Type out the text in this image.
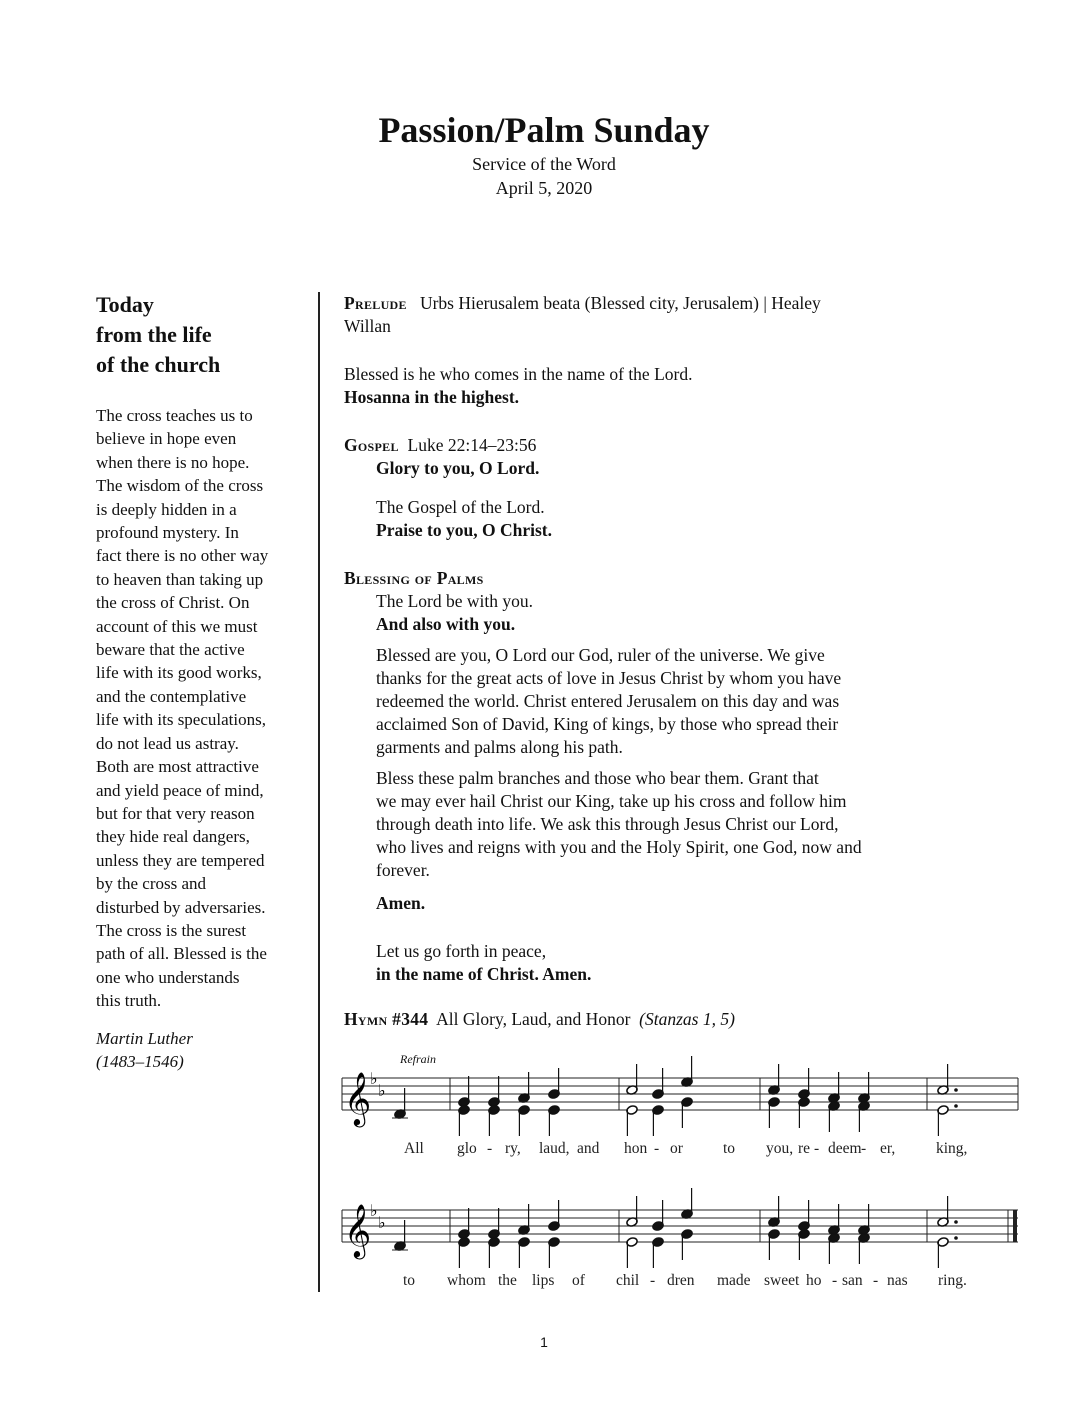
Passion/Palm Sunday
Service of the Word
April 5, 2020
Today
from the life
of the church
The cross teaches us to
believe in hope even
when there is no hope.
The wisdom of the cross
is deeply hidden in a
profound mystery. In
fact there is no other way
to heaven than taking up
the cross of Christ. On
account of this we must
beware that the active
life with its good works,
and the contemplative
life with its speculations,
do not lead us astray.
Both are most attractive
and yield peace of mind,
but for that very reason
they hide real dangers,
unless they are tempered
by the cross and
disturbed by adversaries.
The cross is the surest
path of all. Blessed is the
one who understands
this truth.
Martin Luther
(1483–1546)

Prelude Urbs Hierusalem beata (Blessed city, Jerusalem) | Healey
Willan

Blessed is he who comes in the name of the Lord.
Hosanna in the highest.

Gospel Luke 22:14–23:56
Glory to you, O Lord.

The Gospel of the Lord.
Praise to you, O Christ.

Blessing of Palms
The Lord be with you.
And also with you.

Blessed are you, O Lord our God, ruler of the universe. We give
thanks for the great acts of love in Jesus Christ by whom you have
redeemed the world. Christ entered Jerusalem on this day and was
acclaimed Son of David, King of kings, by those who spread their
garments and palms along his path.
Bless these palm branches and those who bear them. Grant that
we may ever hail Christ our King, take up his cross and follow him
through death into life. We ask this through Jesus Christ our Lord,
who lives and reigns with you and the Holy Spirit, one God, now and
forever.

Amen.

Let us go forth in peace,
in the name of Christ. Amen.

Hymn #344 All Glory, Laud, and Honor (Stanzas 1, 5)

𝄞
♭
♭
𝄞
♭
♭
Refrain
All glo - ry, laud, and hon - or	to you, re - deem - er,	king,
to whom the lips of chil - dren made sweet ho - san - nas ring.
1
